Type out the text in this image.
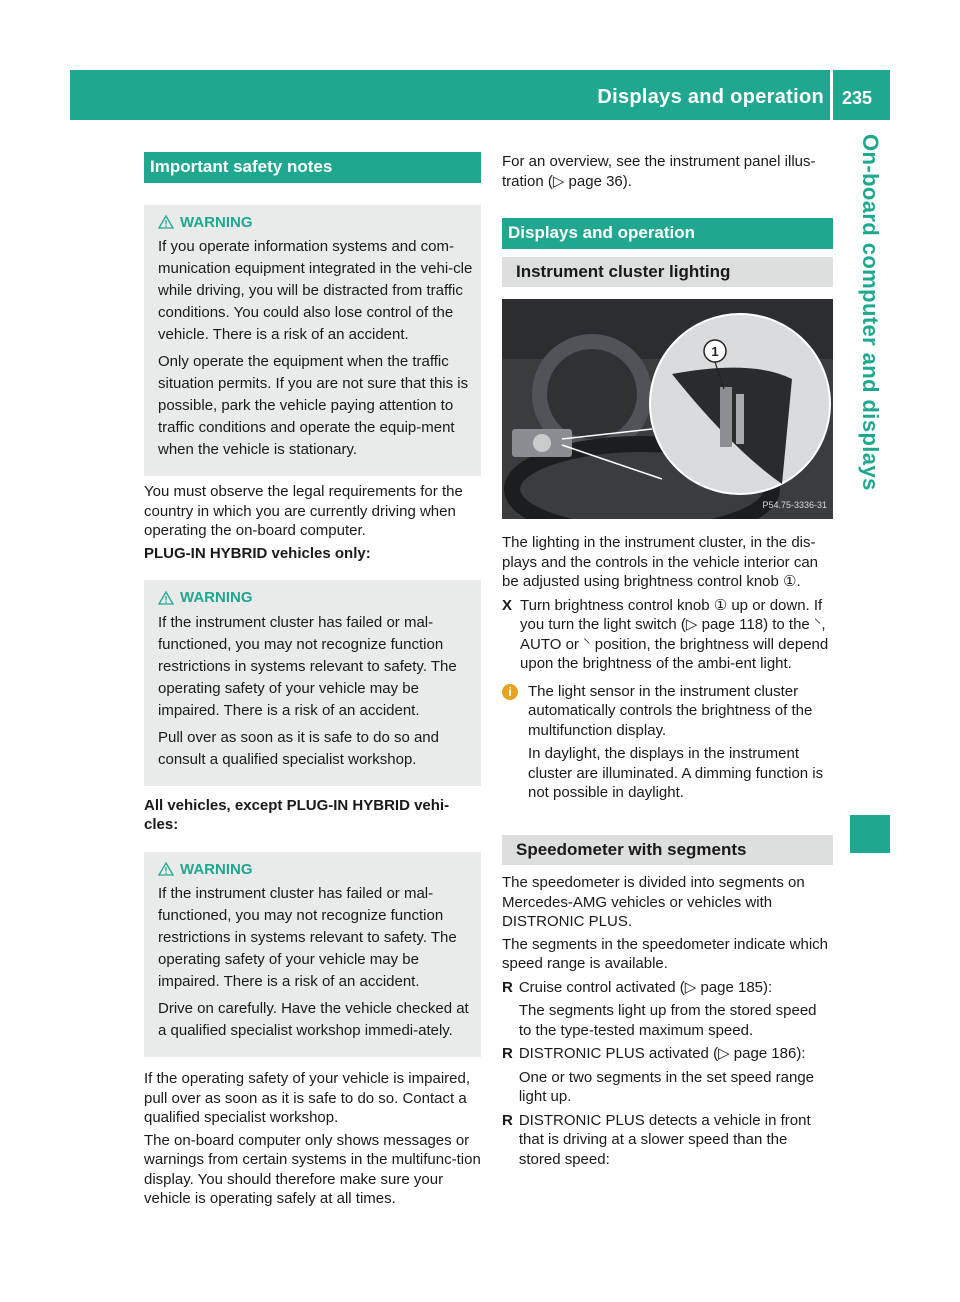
Displays and operation 235
On-board computer and displays
Important safety notes
WARNING

If you operate information systems and com-munication equipment integrated in the vehi-cle while driving, you will be distracted from traffic conditions. You could also lose control of the vehicle. There is a risk of an accident.

Only operate the equipment when the traffic situation permits. If you are not sure that this is possible, park the vehicle paying attention to traffic conditions and operate the equip-ment when the vehicle is stationary.

You must observe the legal requirements for the country in which you are currently driving when operating the on-board computer.

PLUG-IN HYBRID vehicles only:

WARNING

If the instrument cluster has failed or mal-functioned, you may not recognize function restrictions in systems relevant to safety. The operating safety of your vehicle may be impaired. There is a risk of an accident.

Pull over as soon as it is safe to do so and consult a qualified specialist workshop.

All vehicles, except PLUG-IN HYBRID vehi-cles:

WARNING

If the instrument cluster has failed or mal-functioned, you may not recognize function restrictions in systems relevant to safety. The operating safety of your vehicle may be impaired. There is a risk of an accident.

Drive on carefully. Have the vehicle checked at a qualified specialist workshop immedi-ately.

If the operating safety of your vehicle is impaired, pull over as soon as it is safe to do so. Contact a qualified specialist workshop.

The on-board computer only shows messages or warnings from certain systems in the multifunc-tion display. You should therefore make sure your vehicle is operating safely at all times.

For an overview, see the instrument panel illus-tration (▷ page 36).

Displays and operation
Instrument cluster lighting
1
P54.75-3336-31

The lighting in the instrument cluster, in the dis-plays and the controls in the vehicle interior can be adjusted using brightness control knob ①.

X Turn brightness control knob ① up or down. If you turn the light switch (▷ page 118) to the ⸌, AUTO or ⸌ position, the brightness will depend upon the brightness of the ambi-ent light.
i	The light sensor in the instrument cluster automatically controls the brightness of the multifunction display.

In daylight, the displays in the instrument cluster are illuminated. A dimming function is not possible in daylight.

Speedometer with segments

The speedometer is divided into segments on Mercedes-AMG vehicles or vehicles with DISTRONIC PLUS.

The segments in the speedometer indicate which speed range is available.

R Cruise control activated (▷ page 185):
The segments light up from the stored speed to the type-tested maximum speed.
R DISTRONIC PLUS activated (▷ page 186):
One or two segments in the set speed range light up.
R DISTRONIC PLUS detects a vehicle in front that is driving at a slower speed than the stored speed:
